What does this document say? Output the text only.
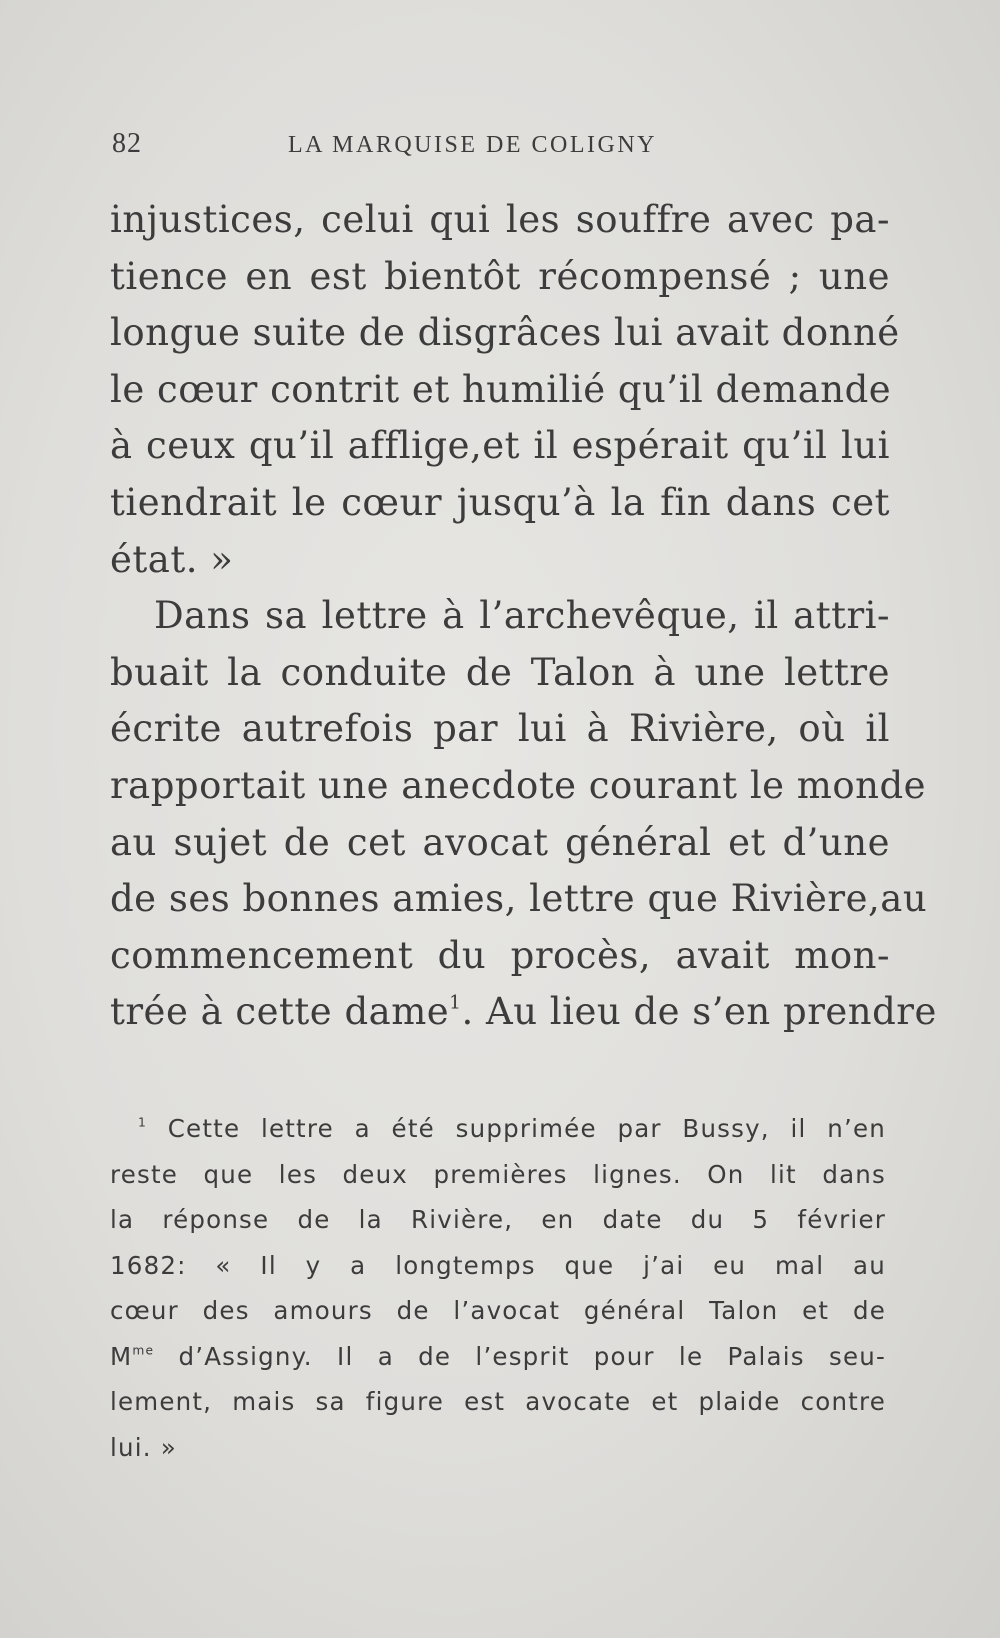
82	LA MARQUISE DE COLIGNY
injustices, celui qui les souffre avec pa-
tience en est bientôt récompensé ; une
longue suite de disgrâces lui avait donné
le cœur contrit et humilié qu’il demande
à ceux qu’il afflige,et il espérait qu’il lui
tiendrait le cœur jusqu’à la fin dans cet
état. »
Dans sa lettre à l’archevêque, il attri-
buait la conduite de Talon à une lettre
écrite autrefois par lui à Rivière, où il
rapportait une anecdote courant le monde
au sujet de cet avocat général et d’une
de ses bonnes amies, lettre que Rivière,au
commencement du procès, avait mon-
trée à cette dame$^1$. Au lieu de s’en prendre
$^1$ Cette lettre a été supprimée par Bussy, il n’en
reste que les deux premières lignes. On lit dans
la réponse de la Rivière, en date du 5 février
1682: « Il y a longtemps que j’ai eu mal au
cœur des amours de l’avocat général Talon et de
$M^{me}$ d’Assigny. Il a de l’esprit pour le Palais seu-
lement, mais sa figure est avocate et plaide contre
lui. »
